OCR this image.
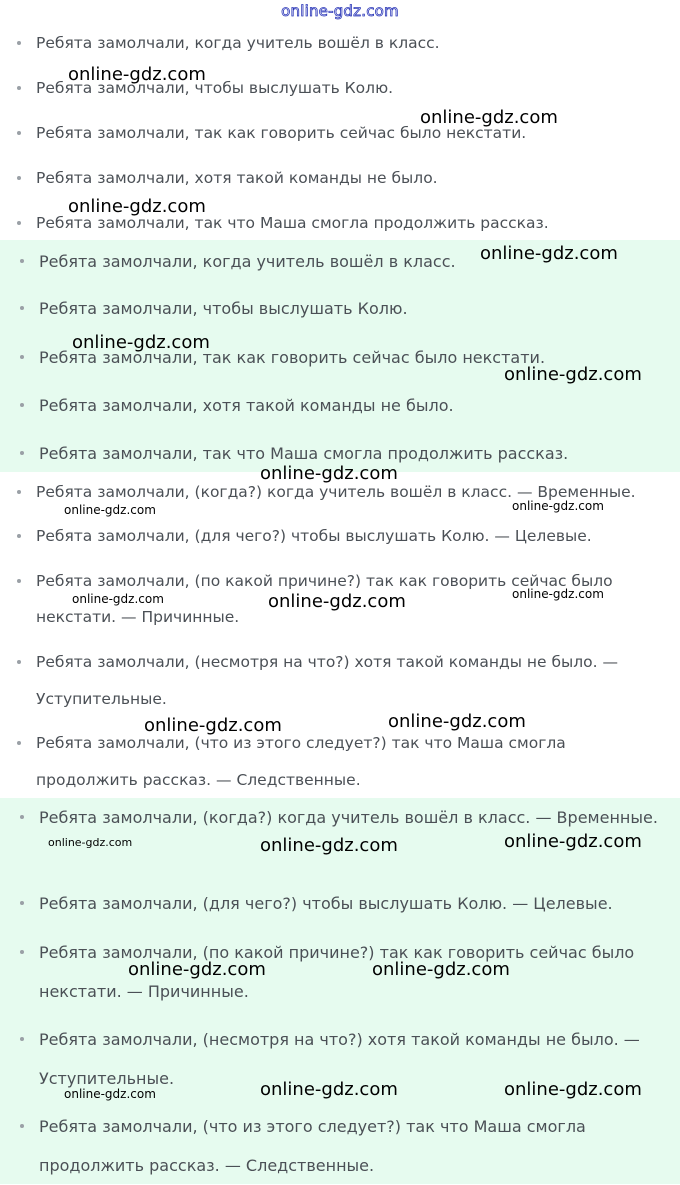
online-gdz.com
Ребята замолчали, когда учитель вошёл в класс.
Ребята замолчали, чтобы выслушать Колю.
Ребята замолчали, так как говорить сейчас было некстати.
Ребята замолчали, хотя такой команды не было.
Ребята замолчали, так что Маша смогла продолжить рассказ.
Ребята замолчали, когда учитель вошёл в класс.
Ребята замолчали, чтобы выслушать Колю.
Ребята замолчали, так как говорить сейчас было некстати.
Ребята замолчали, хотя такой команды не было.
Ребята замолчали, так что Маша смогла продолжить рассказ.
Ребята замолчали, (когда?) когда учитель вошёл в класс. — Временные.
Ребята замолчали, (для чего?) чтобы выслушать Колю. — Целевые.
Ребята замолчали, (по какой причине?) так как говорить сейчас было некстати. — Причинные.
Ребята замолчали, (несмотря на что?) хотя такой команды не было. — Уступительные.
Ребята замолчали, (что из этого следует?) так что Маша смогла продолжить рассказ. — Следственные.
Ребята замолчали, (когда?) когда учитель вошёл в класс. — Временные.
Ребята замолчали, (для чего?) чтобы выслушать Колю. — Целевые.
Ребята замолчали, (по какой причине?) так как говорить сейчас было некстати. — Причинные.
Ребята замолчали, (несмотря на что?) хотя такой команды не было. — Уступительные.
Ребята замолчали, (что из этого следует?) так что Маша смогла продолжить рассказ. — Следственные.
online-gdz.com
online-gdz.com
online-gdz.com
online-gdz.com
online-gdz.com
online-gdz.com
online-gdz.com
online-gdz.com	online-gdz.com
online-gdz.com	online-gdz.com	online-gdz.com
online-gdz.com	online-gdz.com
online-gdz.com	online-gdz.com	online-gdz.com
online-gdz.com	online-gdz.com
online-gdz.com	online-gdz.com
online-gdz.com
